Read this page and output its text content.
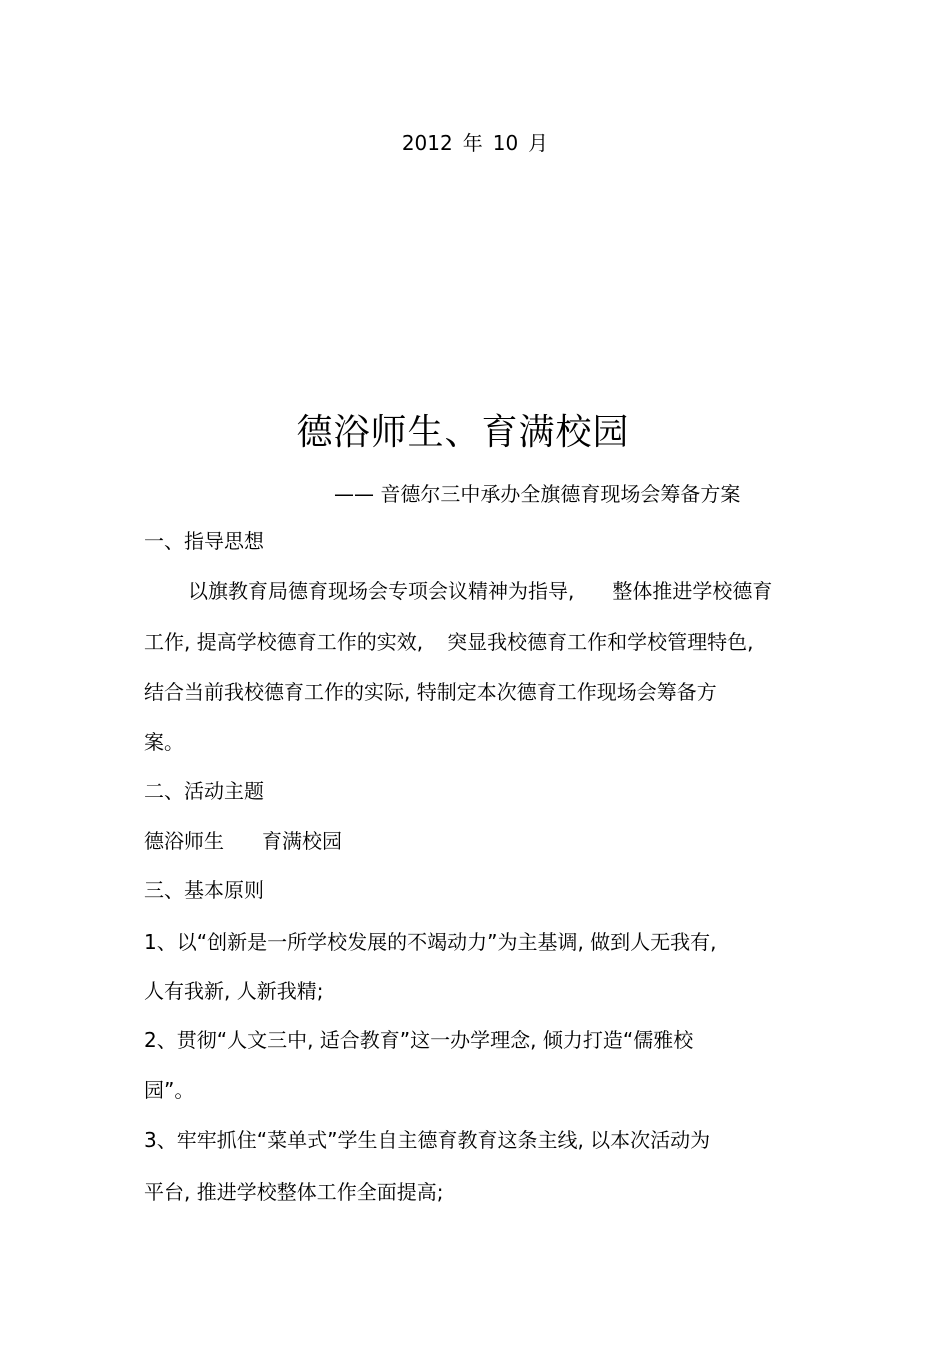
2012 年 10 月
德浴师生、育满校园
—— 音德尔三中承办全旗德育现场会筹备方案
一、指导思想
以旗教育局德育现场会专项会议精神为指导, 整体推进学校德育
工作, 提高学校德育工作的实效, 突显我校德育工作和学校管理特色,
结合当前我校德育工作的实际, 特制定本次德育工作现场会筹备方
案。
二、活动主题
德浴师生 育满校园
三、基本原则
1、以“创新是一所学校发展的不竭动力”为主基调, 做到人无我有,
人有我新, 人新我精;
2、贯彻“人文三中, 适合教育”这一办学理念, 倾力打造“儒雅校
园”。
3、牢牢抓住“菜单式”学生自主德育教育这条主线, 以本次活动为
平台, 推进学校整体工作全面提高;
